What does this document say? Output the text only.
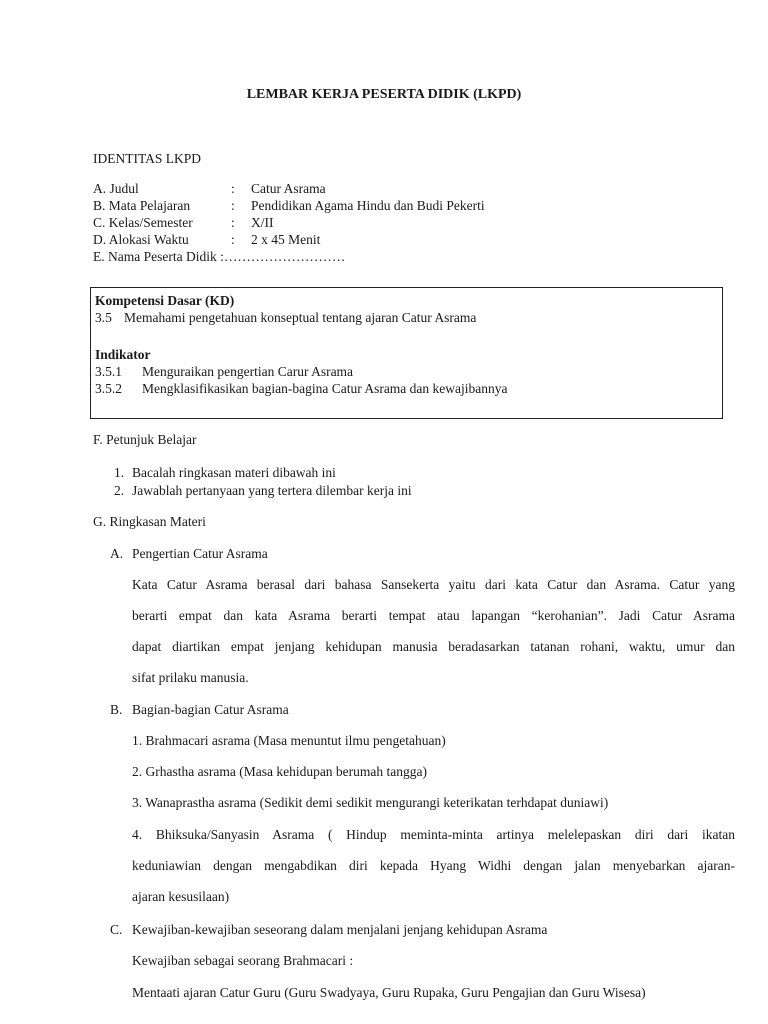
LEMBAR KERJA PESERTA DIDIK (LKPD)
IDENTITAS LKPD
A. Judul	: Catur Asrama
B. Mata Pelajaran	: Pendidikan Agama Hindu dan Budi Pekerti
C. Kelas/Semester	: X/II
D. Alokasi Waktu	: 2 x 45 Menit
E. Nama Peserta Didik :………………………
Kompetensi Dasar (KD)
3.5 Memahami pengetahuan konseptual tentang ajaran Catur Asrama
Indikator
3.5.1 Menguraikan pengertian Carur Asrama
3.5.2 Mengklasifikasikan bagian-bagina Catur Asrama dan kewajibannya
F. Petunjuk Belajar
1. Bacalah ringkasan materi dibawah ini
2. Jawablah pertanyaan yang tertera dilembar kerja ini
G. Ringkasan Materi
A. Pengertian Catur Asrama
Kata Catur Asrama berasal dari bahasa Sansekerta yaitu dari kata Catur dan Asrama. Catur yang
berarti empat dan kata Asrama berarti tempat atau lapangan “kerohanian”. Jadi Catur Asrama
dapat diartikan empat jenjang kehidupan manusia beradasarkan tatanan rohani, waktu, umur dan
sifat prilaku manusia.
B. Bagian-bagian Catur Asrama
1. Brahmacari asrama (Masa menuntut ilmu pengetahuan)
2. Grhastha asrama (Masa kehidupan berumah tangga)
3. Wanaprastha asrama (Sedikit demi sedikit mengurangi keterikatan terhdapat duniawi)
4. Bhiksuka/Sanyasin Asrama ( Hindup meminta-minta artinya melelepaskan diri dari ikatan
keduniawian dengan mengabdikan diri kepada Hyang Widhi dengan jalan menyebarkan ajaran-
ajaran kesusilaan)
C. Kewajiban-kewajiban seseorang dalam menjalani jenjang kehidupan Asrama
Kewajiban sebagai seorang Brahmacari :
Mentaati ajaran Catur Guru (Guru Swadyaya, Guru Rupaka, Guru Pengajian dan Guru Wisesa)
